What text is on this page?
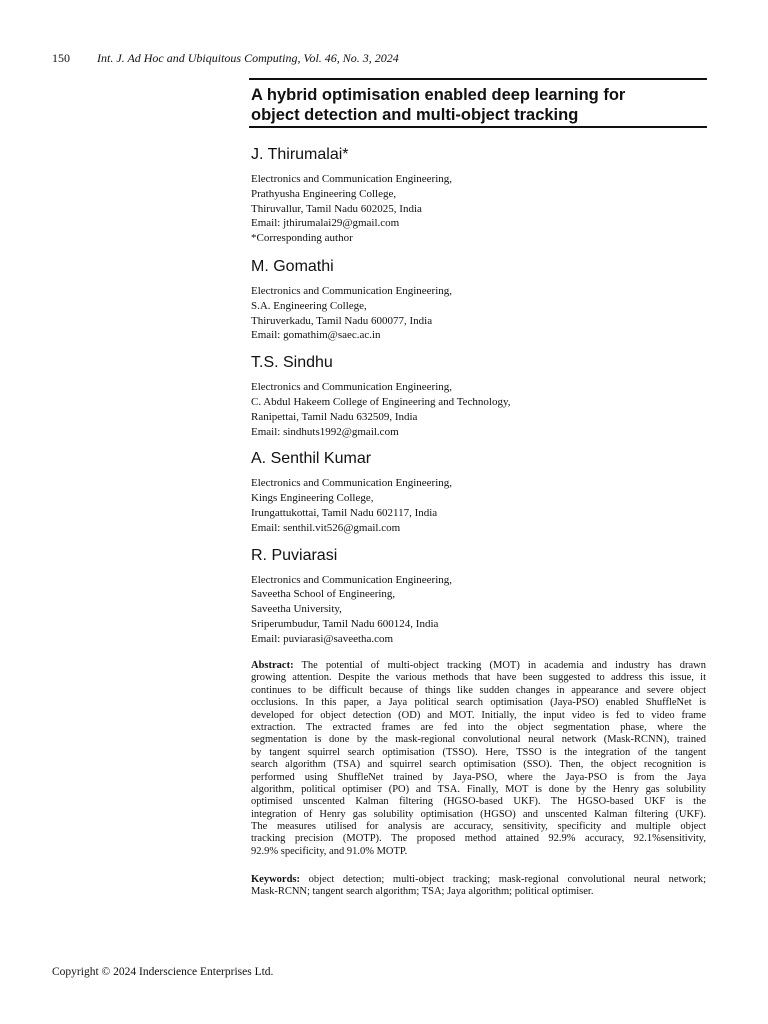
150 Int. J. Ad Hoc and Ubiquitous Computing, Vol. 46, No. 3, 2024
A hybrid optimisation enabled deep learning for
object detection and multi-object tracking
J. Thirumalai*
Electronics and Communication Engineering,
Prathyusha Engineering College,
Thiruvallur, Tamil Nadu 602025, India
Email: jthirumalai29@gmail.com
*Corresponding author
M. Gomathi
Electronics and Communication Engineering,
S.A. Engineering College,
Thiruverkadu, Tamil Nadu 600077, India
Email: gomathim@saec.ac.in
T.S. Sindhu
Electronics and Communication Engineering,
C. Abdul Hakeem College of Engineering and Technology,
Ranipettai, Tamil Nadu 632509, India
Email: sindhuts1992@gmail.com
A. Senthil Kumar
Electronics and Communication Engineering,
Kings Engineering College,
Irungattukottai, Tamil Nadu 602117, India
Email: senthil.vit526@gmail.com
R. Puviarasi
Electronics and Communication Engineering,
Saveetha School of Engineering,
Saveetha University,
Sriperumbudur, Tamil Nadu 600124, India
Email: puviarasi@saveetha.com
Abstract: The potential of multi-object tracking (MOT) in academia and industry has drawn
growing attention. Despite the various methods that have been suggested to address this issue, it
continues to be difficult because of things like sudden changes in appearance and severe object
occlusions. In this paper, a Jaya political search optimisation (Jaya-PSO) enabled ShuffleNet is
developed for object detection (OD) and MOT. Initially, the input video is fed to video frame
extraction. The extracted frames are fed into the object segmentation phase, where the
segmentation is done by the mask-regional convolutional neural network (Mask-RCNN), trained
by tangent squirrel search optimisation (TSSO). Here, TSSO is the integration of the tangent
search algorithm (TSA) and squirrel search optimisation (SSO). Then, the object recognition is
performed using ShuffleNet trained by Jaya-PSO, where the Jaya-PSO is from the Jaya
algorithm, political optimiser (PO) and TSA. Finally, MOT is done by the Henry gas solubility
optimised unscented Kalman filtering (HGSO-based UKF). The HGSO-based UKF is the
integration of Henry gas solubility optimisation (HGSO) and unscented Kalman filtering (UKF).
The measures utilised for analysis are accuracy, sensitivity, specificity and multiple object
tracking precision (MOTP). The proposed method attained 92.9% accuracy, 92.1%sensitivity,
92.9% specificity, and 91.0% MOTP.
Keywords: object detection; multi-object tracking; mask-regional convolutional neural network;
Mask-RCNN; tangent search algorithm; TSA; Jaya algorithm; political optimiser.
Copyright © 2024 Inderscience Enterprises Ltd.
